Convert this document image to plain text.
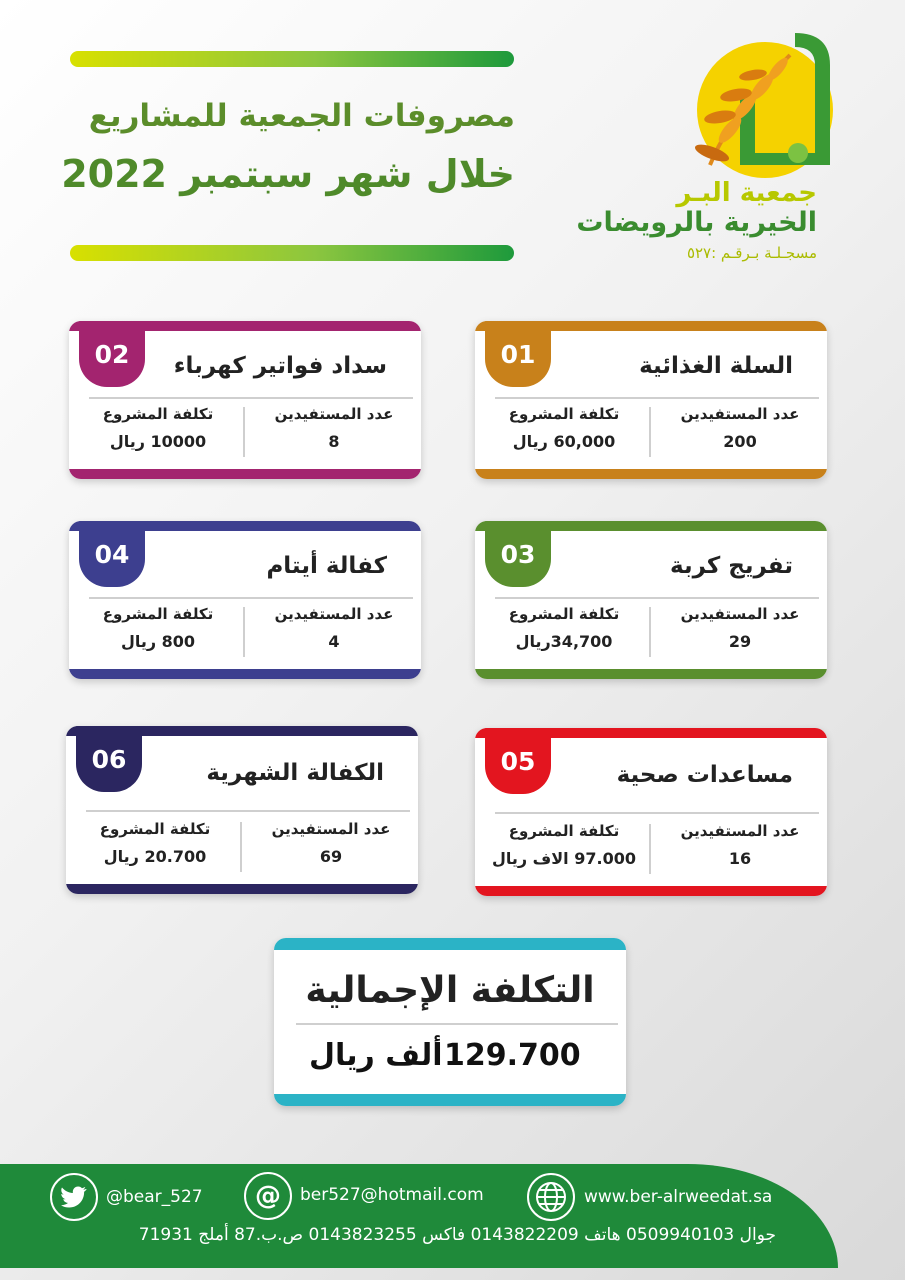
مصروفات الجمعية للمشاريع
خلال شهر سبتمبر 2022	جمعية البـر
الخيرية بالرويضات
مسجـلـة بـرقـم :٥٢٧
01	السلة الغذائية
عدد المستفيدين
200
تكلفة المشروع
60,000 ريال
02	سداد فواتير كهرباء
عدد المستفيدين
8
تكلفة المشروع
10000 ريال
03	تفريج كربة
عدد المستفيدين
29
تكلفة المشروع
34,700ريال
04	كفالة أيتام
عدد المستفيدين
4
تكلفة المشروع
800 ريال
05	مساعدات صحية
عدد المستفيدين
16
تكلفة المشروع
97.000 الاف ريال
06	الكفالة الشهرية
عدد المستفيدين
69
تكلفة المشروع
20.700 ريال
التكلفة الإجمالية
129.700
ألف ريال
@bear_527 @ ber527@hotmail.com	www.ber-alrweedat.sa
جوال 0509940103 هاتف 0143822209 فاكس 0143823255 ص.ب.87 أملج 71931
